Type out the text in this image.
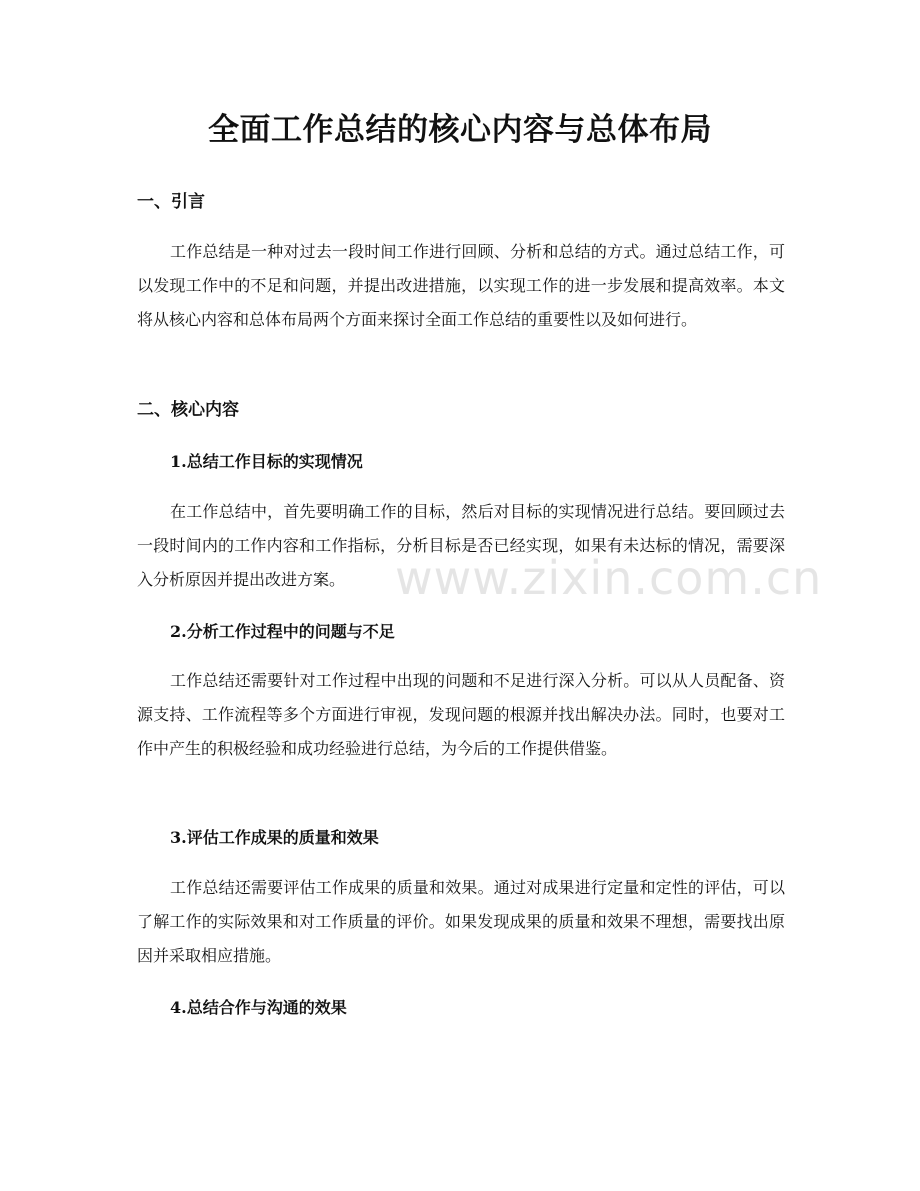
全面工作总结的核心内容与总体布局
一、引言

工作总结是一种对过去一段时间工作进行回顾、分析和总结的方式。通过总结工作，可以发现工作中的不足和问题，并提出改进措施，以实现工作的进一步发展和提高效率。本文将从核心内容和总体布局两个方面来探讨全面工作总结的重要性以及如何进行。

二、核心内容
1.总结工作目标的实现情况

在工作总结中，首先要明确工作的目标，然后对目标的实现情况进行总结。要回顾过去一段时间内的工作内容和工作指标，分析目标是否已经实现，如果有未达标的情况，需要深入分析原因并提出改进方案。

2.分析工作过程中的问题与不足

工作总结还需要针对工作过程中出现的问题和不足进行深入分析。可以从人员配备、资源支持、工作流程等多个方面进行审视，发现问题的根源并找出解决办法。同时，也要对工作中产生的积极经验和成功经验进行总结，为今后的工作提供借鉴。

3.评估工作成果的质量和效果

工作总结还需要评估工作成果的质量和效果。通过对成果进行定量和定性的评估，可以了解工作的实际效果和对工作质量的评价。如果发现成果的质量和效果不理想，需要找出原因并采取相应措施。

4.总结合作与沟通的效果
www.zixin.com.cn
